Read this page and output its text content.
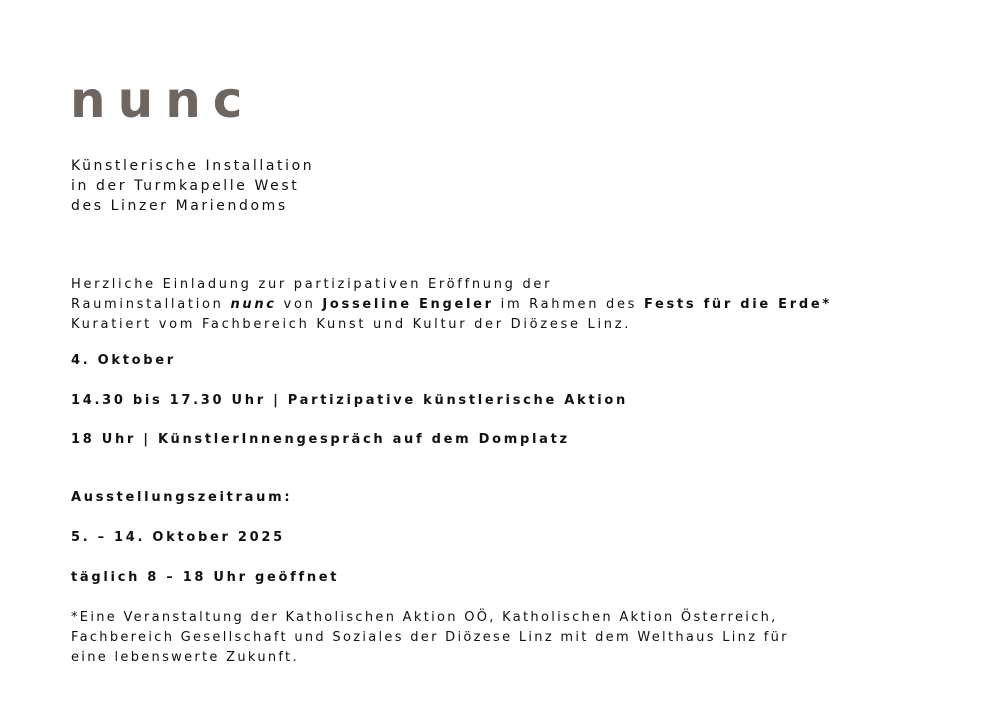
nunc
Künstlerische Installation
in der Turmkapelle West
des Linzer Mariendoms
Herzliche Einladung zur partizipativen Eröffnung der
Rauminstallation nunc von Josseline Engeler im Rahmen des Fests für die Erde*
Kuratiert vom Fachbereich Kunst und Kultur der Diözese Linz.

4. Oktober

14.30 bis 17.30 Uhr | Partizipative künstlerische Aktion

18 Uhr | KünstlerInnengespräch auf dem Domplatz

Ausstellungszeitraum:

5. – 14. Oktober 2025

täglich 8 – 18 Uhr geöffnet

*Eine Veranstaltung der Katholischen Aktion OÖ, Katholischen Aktion Österreich,
Fachbereich Gesellschaft und Soziales der Diözese Linz mit dem Welthaus Linz für
eine lebenswerte Zukunft.
